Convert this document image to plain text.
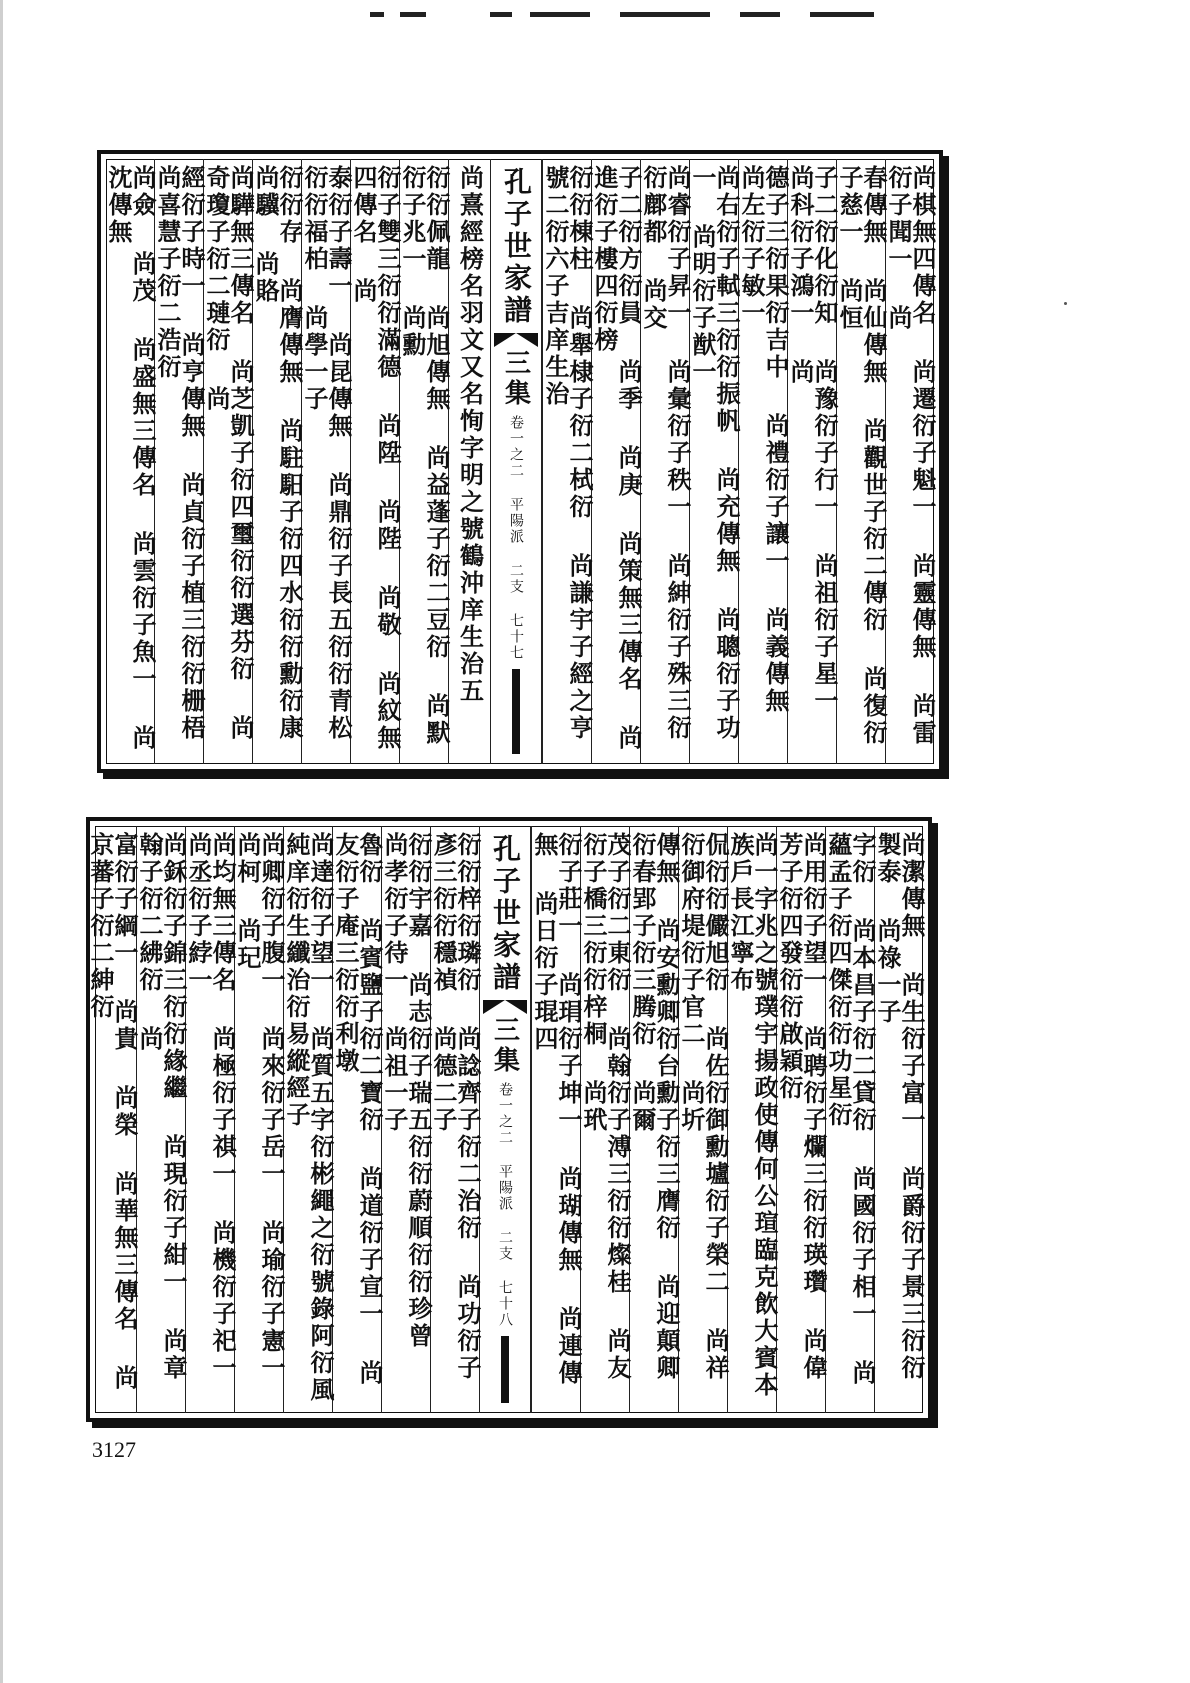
尚棋無四傳名 尚遷衍子魁一 尚靈傳無 尚雷衍子聞一 尚
春傳無 尚仙傳無 尚觀世子衍二傳衍 尚復衍子慈一 尚恒
子二衍化衍知 尚豫衍子行一 尚祖衍子星一 尚科衍子鴻一 尚
德子三衍果衍吉中 尚禮衍子讓一 尚義傳無 尚左衍子敏一
尚右衍子軾三衍衍振帆 尚充傳無 尚聰衍子功一 尚明衍子猷一
尚睿衍子昇一 尚彙衍子秩一 尚紳衍子殊三衍衍鄜都 尚交
子二衍方衍員 尚季 尚庚 尚策無三傳名 尚進衍子樓四衍榜
衍衍棟柱 尚舉棣子衍二栻衍 尚謙宇子經之亨號二衍六子吉庠生治
孔子世家譜
三集
卷一之二 平陽派 二支 七十七
尚熹經榜名羽文又名恂字明之號鶴沖庠生治五
衍衍佩龍 尚旭傳無 尚益蓬子衍二豆衍 尚默衍子兆一 尚勳
衍子雙三衍衍滿德 尚陞 尚陛 尚敬 尚紋無四傳名 尚
泰衍子壽一 尚昆傳無 尚鼎衍子長五衍衍青松衍衍福柏 尚學一子
衍衍存 尚膺傳無 尚駐馹子衍四水衍衍勳衍康 尚驥 尚賂
尚驊無三傳名 尚芝凱子衍四璽衍衍選芬衍 尚奇瓊子衍二璉衍 尚
經衍子時一 尚亨傳無 尚貞衍子植三衍衍栅梧 尚喜慧子衍二浩衍
尚僉 尚茂 尚盛無三傳名 尚雲衍子魚一 尚沈傳無
尚潔傳無 尚生衍子富一 尚爵衍子景三衍衍製泰 尚祿一子
字衍 尚本昌子衍二貸衍 尚國衍子相一 尚蘊孟子衍四傑衍衍功星衍
尚用衍子望一 尚聘衍子爛三衍衍瑛瓚 尚偉芳子衍四發衍衍啟穎衍
尚一字兆之號璞宇揚政使傳何公瑄臨克飲大賓本族戶長江寧布
侃衍衍儼旭衍 尚佐衍御勳壚衍子榮二 尚祥衍御府堤衍子官二 尚圻
傳無 尚安勳卿衍台勳子衍三膺衍 尚迎顛卿衍春郢子衍三腾衍 尚爾
茂子衍二東衍 尚翰衍子溥三衍衍燦桂 尚友衍子橋三衍衍梓桐 尚玳
衍子莊一 尚琄衍子坤一 尚瑚傳無 尚連傳無 尚日衍子琨四
孔子世家譜
三集
卷一之二 平陽派 二支 七十八
衍衍梓衍璘衍 尚諗齊子衍二治衍 尚功衍子彥三衍衍穩禎 尚德二子
衍衍宇嘉 尚志衍子瑞五衍衍蔚順衍衍珍曾 尚孝衍子待一 尚祖一子
魯衍 尚賓鹽子衍二寶衍 尚道衍子宣一 尚友衍子庵三衍衍利墩
尚達衍子望一 尚質五字衍彬繩之衍號錄阿衍風純庠衍生纖治衍易縱經子
尚卿衍子腹一 尚來衍子岳一 尚瑜衍子憲一 尚柯 尚玘
尚均無三傳名 尚極衍子祺一 尚機衍子祀一 尚丞衍子綍一
尚鉌衍子錦三衍衍緣繼 尚現衍子紺一 尚章翰子衍二紼衍 尚
富衍子綱一 尚貴 尚榮 尚華無三傳名 尚京蕃子衍二紳衍
3127
